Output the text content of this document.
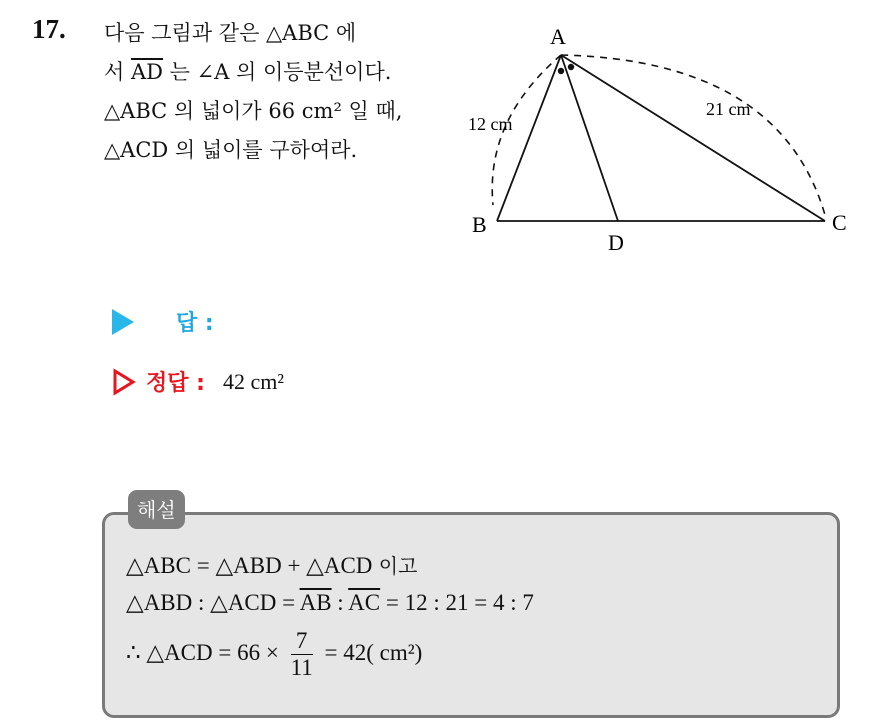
17. 다음 그림과 같은 △ABC 에
서 $\overline{AD}$ 는 ∠A 의 이등분선이다.
△ABC 의 넓이가 66 cm² 일 때,
△ACD 의 넓이를 구하여라.
A
B	C
D
12 cm
21 cm
답 :
정답 : 42 cm²
해설
△ABC = △ABD + △ACD 이고
△ABD : △ACD = $\overline{AB}$ : $\overline{AC} = 12$ : 21 = 4 : 7
∴ △ACD = $66 \times \frac{7}{11} = 42$( cm²)
